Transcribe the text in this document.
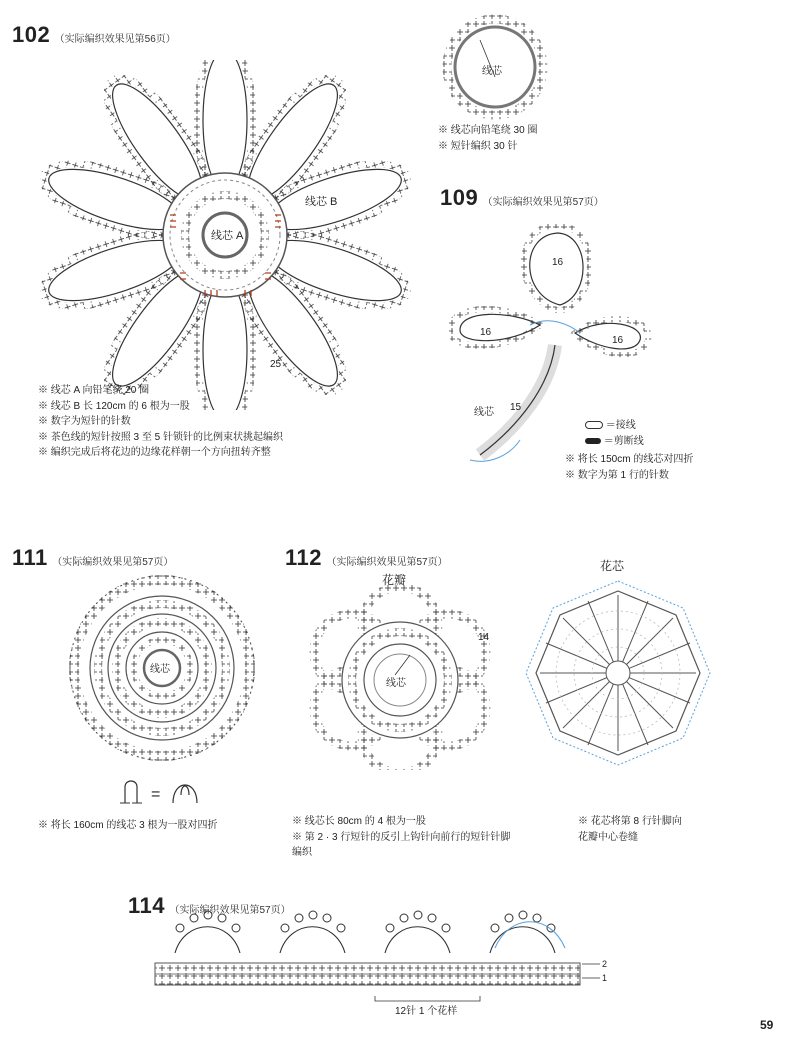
102 （实际编织效果见第56页）
线芯 A
线芯 B
25
※ 线芯 A 向铅笔绕 20 圈
※ 线芯 B 长 120cm 的 6 根为一股
※ 数字为短针的针数
※ 茶色线的短针按照 3 至 5 针锁针的比例束状挑起编织
※ 编织完成后将花边的边缘花样朝一个方向扭转齐整
线芯
※ 线芯向铅笔绕 30 圈
※ 短针编织 30 针
109 （实际编织效果见第57页）
16
16
16
线芯 15
＝接线
＝剪断线
※ 将长 150cm 的线芯对四折
※ 数字为第 1 行的针数
111 （实际编织效果见第57页）
线芯
=
※ 将长 160cm 的线芯 3 根为一股对四折
112 （实际编织效果见第57页）
花瓣
线芯
14
花芯
※ 线芯长 80cm 的 4 根为一股
※ 第 2 · 3 行短针的反引上钩针向前行的短针针脚
编织
※ 花芯将第 8 行针脚向
花瓣中心卷缝
114 （实际编织效果见第57页）
2
1
12针 1 个花样
59
